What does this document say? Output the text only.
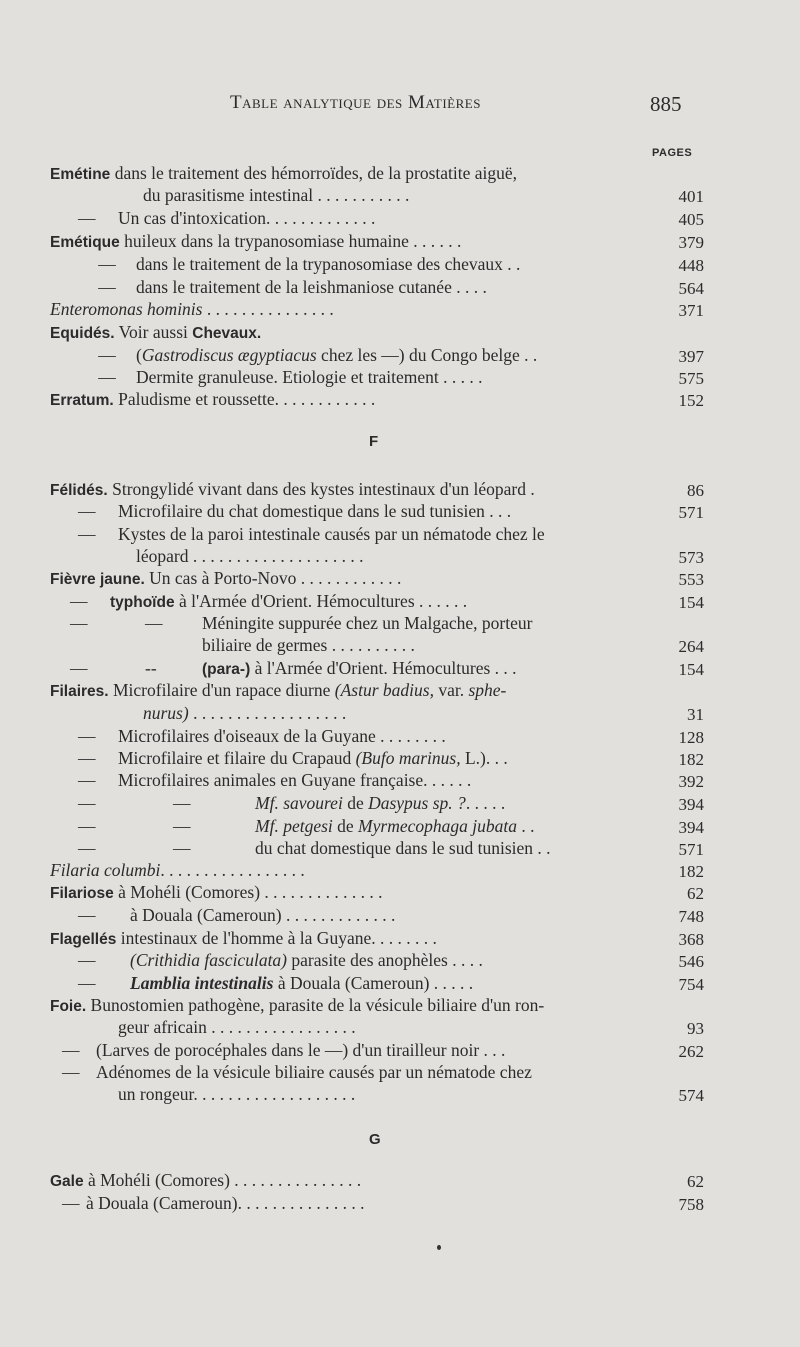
Table analytique des Matières	885
PAGES
Emétine dans le traitement des hémorroïdes, de la prostatite aiguë,
du parasitisme intestinal . . . . . . . . . . .	401
— Un cas d'intoxication. . . . . . . . . . . . .	405
Emétique huileux dans la trypanosomiase humaine . . . . . .	379
— dans le traitement de la trypanosomiase des chevaux . .	448
— dans le traitement de la leishmaniose cutanée . . . .	564
Enteromonas hominis . . . . . . . . . . . . . . .	371
Equidés. Voir aussi Chevaux.
— (Gastrodiscus ægyptiacus chez les —) du Congo belge . .	397
— Dermite granuleuse. Etiologie et traitement . . . . .	575
Erratum. Paludisme et roussette. . . . . . . . . . . .	152
F
Félidés. Strongylidé vivant dans des kystes intestinaux d'un léopard .	86
— Microfilaire du chat domestique dans le sud tunisien . . .	571
— Kystes de la paroi intestinale causés par un nématode chez le
léopard . . . . . . . . . . . . . . . . . . . .	573
Fièvre jaune. Un cas à Porto-Novo . . . . . . . . . . . .	553
— typhoïde à l'Armée d'Orient. Hémocultures . . . . . .	154
—	— Méningite suppurée chez un Malgache, porteur
biliaire de germes . . . . . . . . . .	264
—	--	(para-) à l'Armée d'Orient. Hémocultures . . .	154
Filaires. Microfilaire d'un rapace diurne (Astur badius, var. sphe-
nurus) . . . . . . . . . . . . . . . . . .	31
— Microfilaires d'oiseaux de la Guyane . . . . . . . .	128
— Microfilaire et filaire du Crapaud (Bufo marinus, L.). . .	182
— Microfilaires animales en Guyane française. . . . . .	392
—	—	Mf. savourei de Dasypus sp. ?. . . . .	394
—	—	Mf. petgesi de Myrmecophaga jubata . .	394
—	—	du chat domestique dans le sud tunisien . .	571
Filaria columbi. . . . . . . . . . . . . . . . .	182
Filariose à Mohéli (Comores) . . . . . . . . . . . . . .	62
— à Douala (Cameroun) . . . . . . . . . . . . .	748
Flagellés intestinaux de l'homme à la Guyane. . . . . . . .	368
— (Crithidia fasciculata) parasite des anophèles . . . .	546
— Lamblia intestinalis à Douala (Cameroun) . . . . .	754
Foie. Bunostomien pathogène, parasite de la vésicule biliaire d'un ron-
geur africain . . . . . . . . . . . . . . . . .	93
— (Larves de porocéphales dans le —) d'un tirailleur noir . . .	262
— Adénomes de la vésicule biliaire causés par un nématode chez
un rongeur. . . . . . . . . . . . . . . . . . .	574
G
Gale à Mohéli (Comores) . . . . . . . . . . . . . . .	62
— à Douala (Cameroun). . . . . . . . . . . . . . .	758
